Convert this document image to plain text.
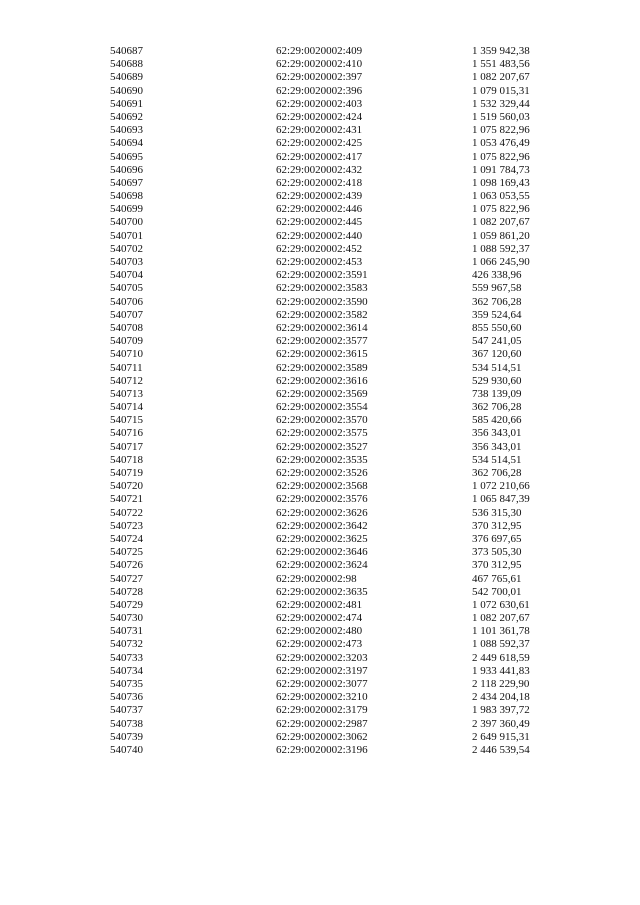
540687	62:29:0020002:409	1 359 942,38
540688	62:29:0020002:410	1 551 483,56
540689	62:29:0020002:397	1 082 207,67
540690	62:29:0020002:396	1 079 015,31
540691	62:29:0020002:403	1 532 329,44
540692	62:29:0020002:424	1 519 560,03
540693	62:29:0020002:431	1 075 822,96
540694	62:29:0020002:425	1 053 476,49
540695	62:29:0020002:417	1 075 822,96
540696	62:29:0020002:432	1 091 784,73
540697	62:29:0020002:418	1 098 169,43
540698	62:29:0020002:439	1 063 053,55
540699	62:29:0020002:446	1 075 822,96
540700	62:29:0020002:445	1 082 207,67
540701	62:29:0020002:440	1 059 861,20
540702	62:29:0020002:452	1 088 592,37
540703	62:29:0020002:453	1 066 245,90
540704	62:29:0020002:3591	426 338,96
540705	62:29:0020002:3583	559 967,58
540706	62:29:0020002:3590	362 706,28
540707	62:29:0020002:3582	359 524,64
540708	62:29:0020002:3614	855 550,60
540709	62:29:0020002:3577	547 241,05
540710	62:29:0020002:3615	367 120,60
540711	62:29:0020002:3589	534 514,51
540712	62:29:0020002:3616	529 930,60
540713	62:29:0020002:3569	738 139,09
540714	62:29:0020002:3554	362 706,28
540715	62:29:0020002:3570	585 420,66
540716	62:29:0020002:3575	356 343,01
540717	62:29:0020002:3527	356 343,01
540718	62:29:0020002:3535	534 514,51
540719	62:29:0020002:3526	362 706,28
540720	62:29:0020002:3568	1 072 210,66
540721	62:29:0020002:3576	1 065 847,39
540722	62:29:0020002:3626	536 315,30
540723	62:29:0020002:3642	370 312,95
540724	62:29:0020002:3625	376 697,65
540725	62:29:0020002:3646	373 505,30
540726	62:29:0020002:3624	370 312,95
540727	62:29:0020002:98	467 765,61
540728	62:29:0020002:3635	542 700,01
540729	62:29:0020002:481	1 072 630,61
540730	62:29:0020002:474	1 082 207,67
540731	62:29:0020002:480	1 101 361,78
540732	62:29:0020002:473	1 088 592,37
540733	62:29:0020002:3203	2 449 618,59
540734	62:29:0020002:3197	1 933 441,83
540735	62:29:0020002:3077	2 118 229,90
540736	62:29:0020002:3210	2 434 204,18
540737	62:29:0020002:3179	1 983 397,72
540738	62:29:0020002:2987	2 397 360,49
540739	62:29:0020002:3062	2 649 915,31
540740	62:29:0020002:3196	2 446 539,54
